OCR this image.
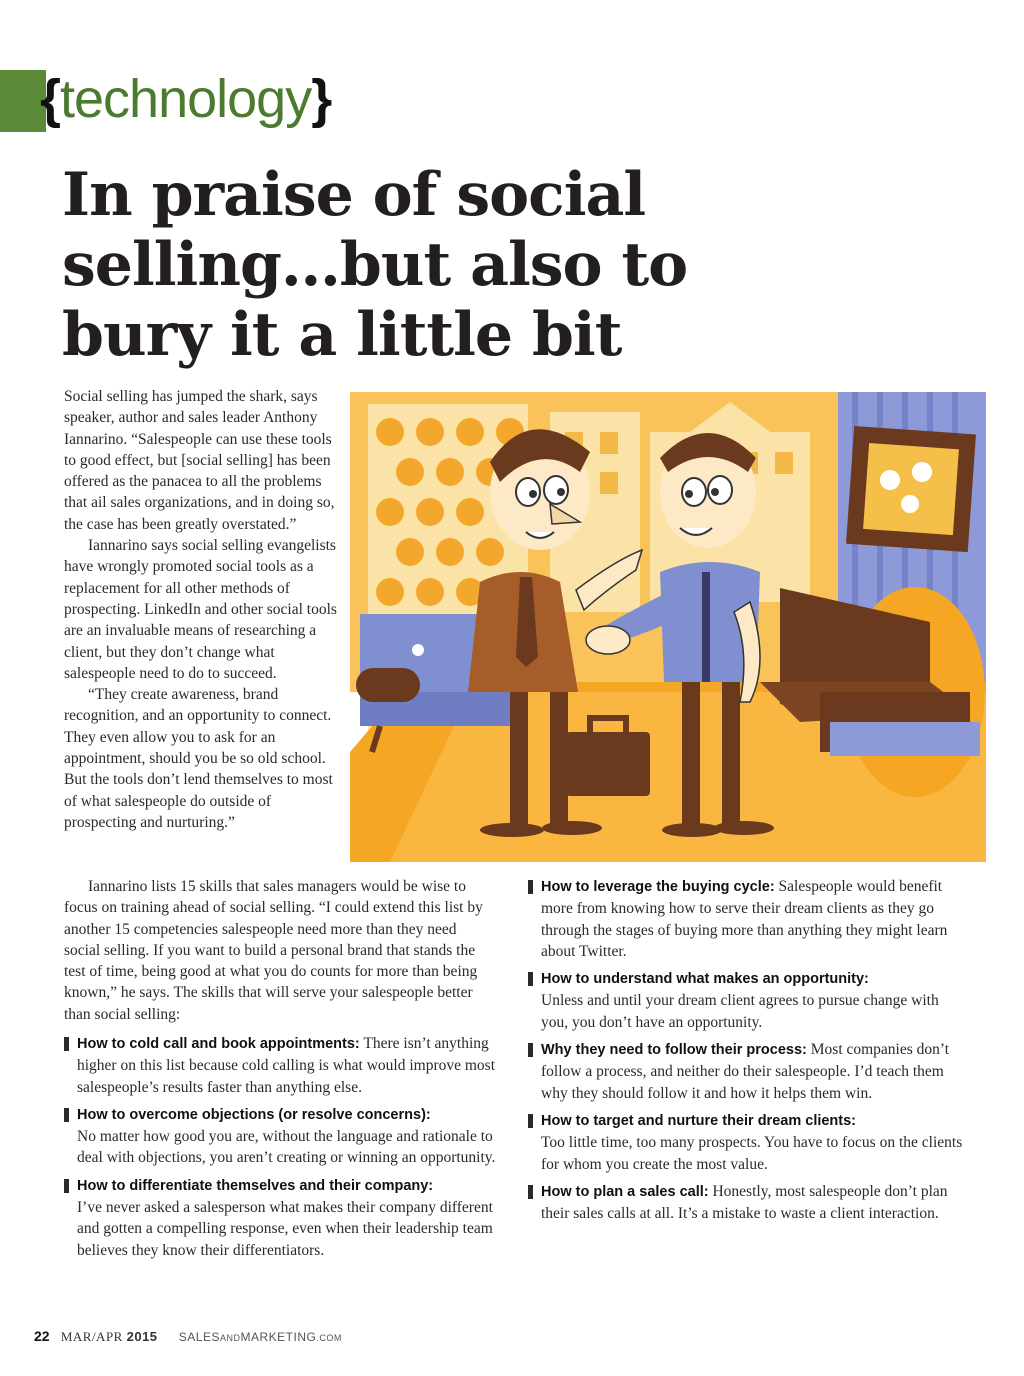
{technology}
In praise of social selling…but also to bury it a little bit

Social selling has jumped the shark, says speaker, author and sales leader Anthony Iannarino. “Salespeople can use these tools to good effect, but [social selling] has been offered as the panacea to all the problems that ail sales organizations, and in doing so, the case has been greatly overstated.”

Iannarino says social selling evangelists have wrongly promoted social tools as a replacement for all other methods of prospecting. LinkedIn and other social tools are an invaluable means of researching a client, but they don’t change what salespeople need to do to succeed.

“They create awareness, brand recognition, and an opportunity to connect. They even allow you to ask for an appointment, should you be so old school. But the tools don’t lend themselves to most of what salespeople do outside of prospecting and nurturing.”

Iannarino lists 15 skills that sales managers would be wise to focus on training ahead of social selling. “I could extend this list by another 15 competencies salespeople need more than they need social selling. If you want to build a personal brand that stands the test of time, being good at what you do counts for more than being known,” he says. The skills that will serve your salespeople better than social selling:

How to cold call and book appointments: There isn’t anything higher on this list because cold calling is what would improve most salespeople’s results faster than anything else.
How to overcome objections (or resolve concerns):
No matter how good you are, without the language and rationale to deal with objections, you aren’t creating or winning an opportunity.
How to differentiate themselves and their company:
I’ve never asked a salesperson what makes their company different and gotten a compelling response, even when their leadership team believes they know their differentiators.
How to leverage the buying cycle: Salespeople would benefit more from knowing how to serve their dream clients as they go through the stages of buying more than anything they might learn about Twitter.
How to understand what makes an opportunity:
Unless and until your dream client agrees to pursue change with you, you don’t have an opportunity.
Why they need to follow their process: Most companies don’t follow a process, and neither do their salespeople. I’d teach them why they should follow it and how it helps them win.
How to target and nurture their dream clients:
Too little time, too many prospects. You have to focus on the clients for whom you create the most value.
How to plan a sales call: Honestly, most salespeople don’t plan their sales calls at all. It’s a mistake to waste a client interaction.
22 MAR/APR 2015 SALESANDMARKETING.COM
